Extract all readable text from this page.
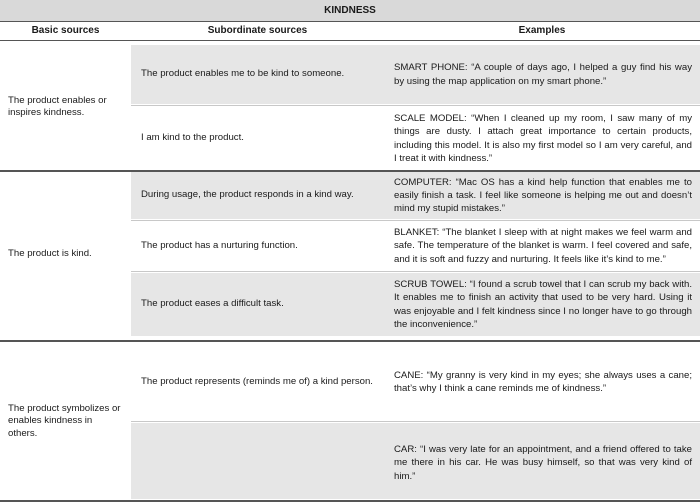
KINDNESS
Basic sources	Subordinate sources	Examples
The product enables or inspires kindness.
The product enables me to be kind to someone.
SMART PHONE: “A couple of days ago, I helped a guy find his way by using the map application on my smart phone.”
I am kind to the product.
SCALE MODEL: “When I cleaned up my room, I saw many of my things are dusty. I attach great importance to certain products, including this model. It is also my first model so I am very careful, and I treat it with kindness.”
The product is kind.
During usage, the product responds in a kind way.
COMPUTER: “Mac OS has a kind help function that enables me to easily finish a task. I feel like someone is helping me out and doesn’t mind my stupid mistakes.”
The product has a nurturing function.
BLANKET: “The blanket I sleep with at night makes we feel warm and safe. The temperature of the blanket is warm. I feel covered and safe, and it is soft and fuzzy and nurturing. It feels like it’s kind to me.”
The product eases a difficult task.
SCRUB TOWEL: “I found a scrub towel that I can scrub my back with. It enables me to finish an activity that used to be very hard. Using it was enjoyable and I felt kindness since I no longer have to go through the inconvenience.”
The product symbolizes or enables kindness in others.
The product represents (reminds me of) a kind person.
CANE: “My granny is very kind in my eyes; she always uses a cane; that’s why I think a cane reminds me of kindness.”
CAR: “I was very late for an appointment, and a friend offered to take me there in his car. He was busy himself, so that was very kind of him.”
